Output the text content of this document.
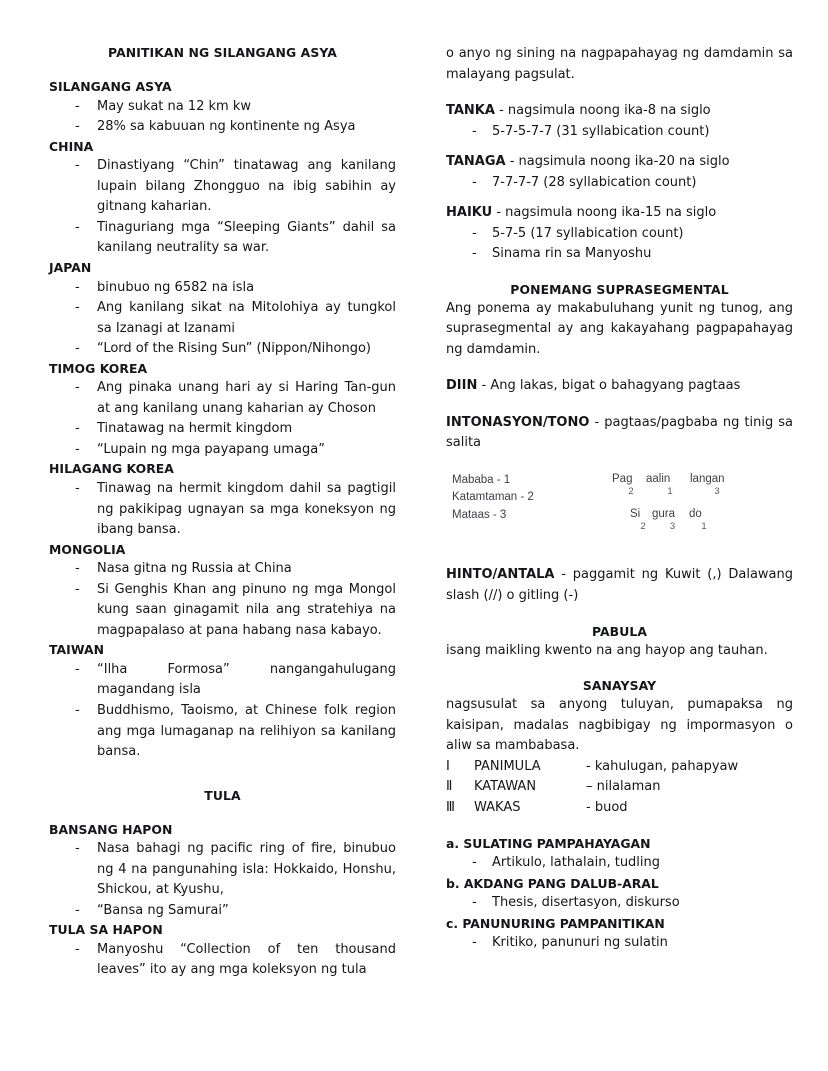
PANITIKAN NG SILANGANG ASYA
SILANGANG ASYA
- May sukat na 12 km kw
- 28% sa kabuuan ng kontinente ng Asya
CHINA
- Dinastiyang “Chin” tinatawag ang kanilang lupain bilang Zhongguo na ibig sabihin ay gitnang kaharian.
- Tinaguriang mga “Sleeping Giants” dahil sa kanilang neutrality sa war.
JAPAN
- binubuo ng 6582 na isla
- Ang kanilang sikat na Mitolohiya ay tungkol sa Izanagi at Izanami
- “Lord of the Rising Sun” (Nippon/Nihongo)
TIMOG KOREA
- Ang pinaka unang hari ay si Haring Tan-gun at ang kanilang unang kaharian ay Choson
- Tinatawag na hermit kingdom
- “Lupain ng mga payapang umaga”
HILAGANG KOREA
- Tinawag na hermit kingdom dahil sa pagtigil ng pakikipag ugnayan sa mga koneksyon ng ibang bansa.
MONGOLIA
- Nasa gitna ng Russia at China
- Si Genghis Khan ang pinuno ng mga Mongol kung saan ginagamit nila ang stratehiya na magpapalaso at pana habang nasa kabayo.
TAIWAN
- “Ilha Formosa” nangangahulugang magandang isla
- Buddhismo, Taoismo, at Chinese folk region ang mga lumaganap na relihiyon sa kanilang bansa.
TULA
BANSANG HAPON
- Nasa bahagi ng pacific ring of fire, binubuo ng 4 na pangunahing isla: Hokkaido, Honshu, Shickou, at Kyushu,
- “Bansa ng Samurai”
TULA SA HAPON
- Manyoshu “Collection of ten thousand leaves” ito ay ang mga koleksyon ng tula
o anyo ng sining na nagpapahayag ng damdamin sa malayang pagsulat.
TANKA - nagsimula noong ika-8 na siglo
- 5-7-5-7-7 (31 syllabication count)
TANAGA - nagsimula noong ika-20 na siglo
- 7-7-7-7 (28 syllabication count)
HAIKU - nagsimula noong ika-15 na siglo
- 5-7-5 (17 syllabication count)
- Sinama rin sa Manyoshu
PONEMANG SUPRASEGMENTAL
Ang ponema ay makabuluhang yunit ng tunog, ang suprasegmental ay ang kakayahang pagpapahayag ng damdamin.
DIIN - Ang lakas, bigat o bahagyang pagtaas
INTONASYON/TONO - pagtaas/pagbaba ng tinig sa salita
Mababa - 1
Katamtaman - 2
Mataas - 3
Pag	aalin	langan
2	1	3
Si	gura	do
2	3	1
HINTO/ANTALA - paggamit ng Kuwit (,) Dalawang slash (//) o gitling (-)
PABULA
isang maikling kwento na ang hayop ang tauhan.
SANAYSAY
nagsusulat sa anyong tuluyan, pumapaksa ng kaisipan, madalas nagbibigay ng impormasyon o aliw sa mambabasa.
Ⅰ	PANIMULA	- kahulugan, pahapyaw
Ⅱ	KATAWAN	– nilalaman
Ⅲ	WAKAS	- buod
a. SULATING PAMPAHAYAGAN
- Artikulo, lathalain, tudling
b. AKDANG PANG DALUB-ARAL
- Thesis, disertasyon, diskurso
c. PANUNURING PAMPANITIKAN
- Kritiko, panunuri ng sulatin
